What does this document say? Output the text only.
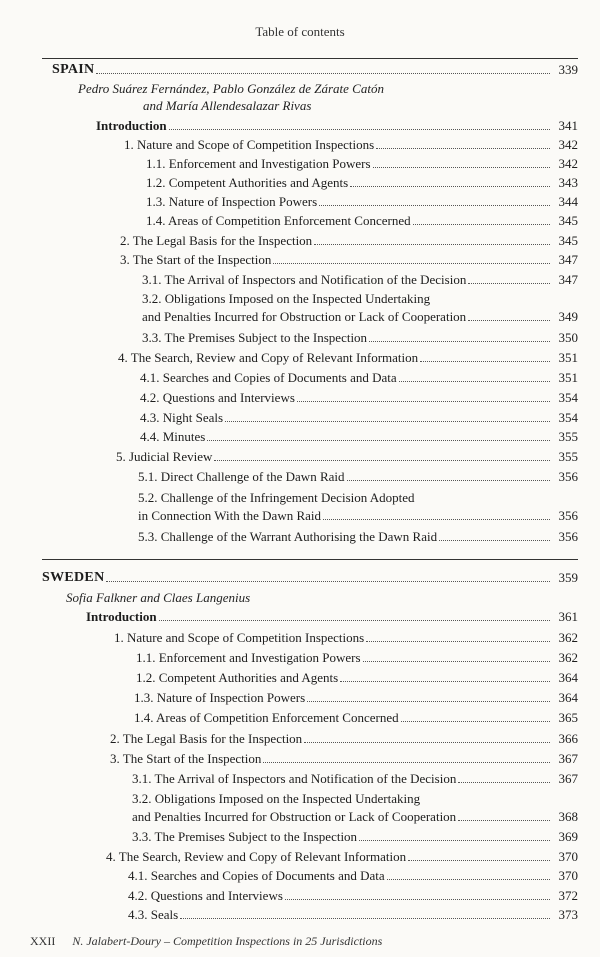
Table of contents
SPAIN	339
Pedro Suárez Fernández, Pablo González de Zárate Catón
and María Allendesalazar Rivas
Introduction	341
1. Nature and Scope of Competition Inspections	342
1.1. Enforcement and Investigation Powers	342
1.2. Competent Authorities and Agents	343
1.3. Nature of Inspection Powers	344
1.4. Areas of Competition Enforcement Concerned	345
2. The Legal Basis for the Inspection	345
3. The Start of the Inspection	347
3.1. The Arrival of Inspectors and Notification of the Decision	347
3.2. Obligations Imposed on the Inspected Undertaking
and Penalties Incurred for Obstruction or Lack of Cooperation	349
3.3. The Premises Subject to the Inspection	350
4. The Search, Review and Copy of Relevant Information	351
4.1. Searches and Copies of Documents and Data	351
4.2. Questions and Interviews	354
4.3. Night Seals	354
4.4. Minutes	355
5. Judicial Review	355
5.1. Direct Challenge of the Dawn Raid	356
5.2. Challenge of the Infringement Decision Adopted
in Connection With the Dawn Raid	356
5.3. Challenge of the Warrant Authorising the Dawn Raid	356
SWEDEN	359
Sofia Falkner and Claes Langenius
Introduction	361
1. Nature and Scope of Competition Inspections	362
1.1. Enforcement and Investigation Powers	362
1.2. Competent Authorities and Agents	364
1.3. Nature of Inspection Powers	364
1.4. Areas of Competition Enforcement Concerned	365
2. The Legal Basis for the Inspection	366
3. The Start of the Inspection	367
3.1. The Arrival of Inspectors and Notification of the Decision	367
3.2. Obligations Imposed on the Inspected Undertaking
and Penalties Incurred for Obstruction or Lack of Cooperation	368
3.3. The Premises Subject to the Inspection	369
4. The Search, Review and Copy of Relevant Information	370
4.1. Searches and Copies of Documents and Data	370
4.2. Questions and Interviews	372
4.3. Seals	373
XXII N. Jalabert-Doury – Competition Inspections in 25 Jurisdictions
